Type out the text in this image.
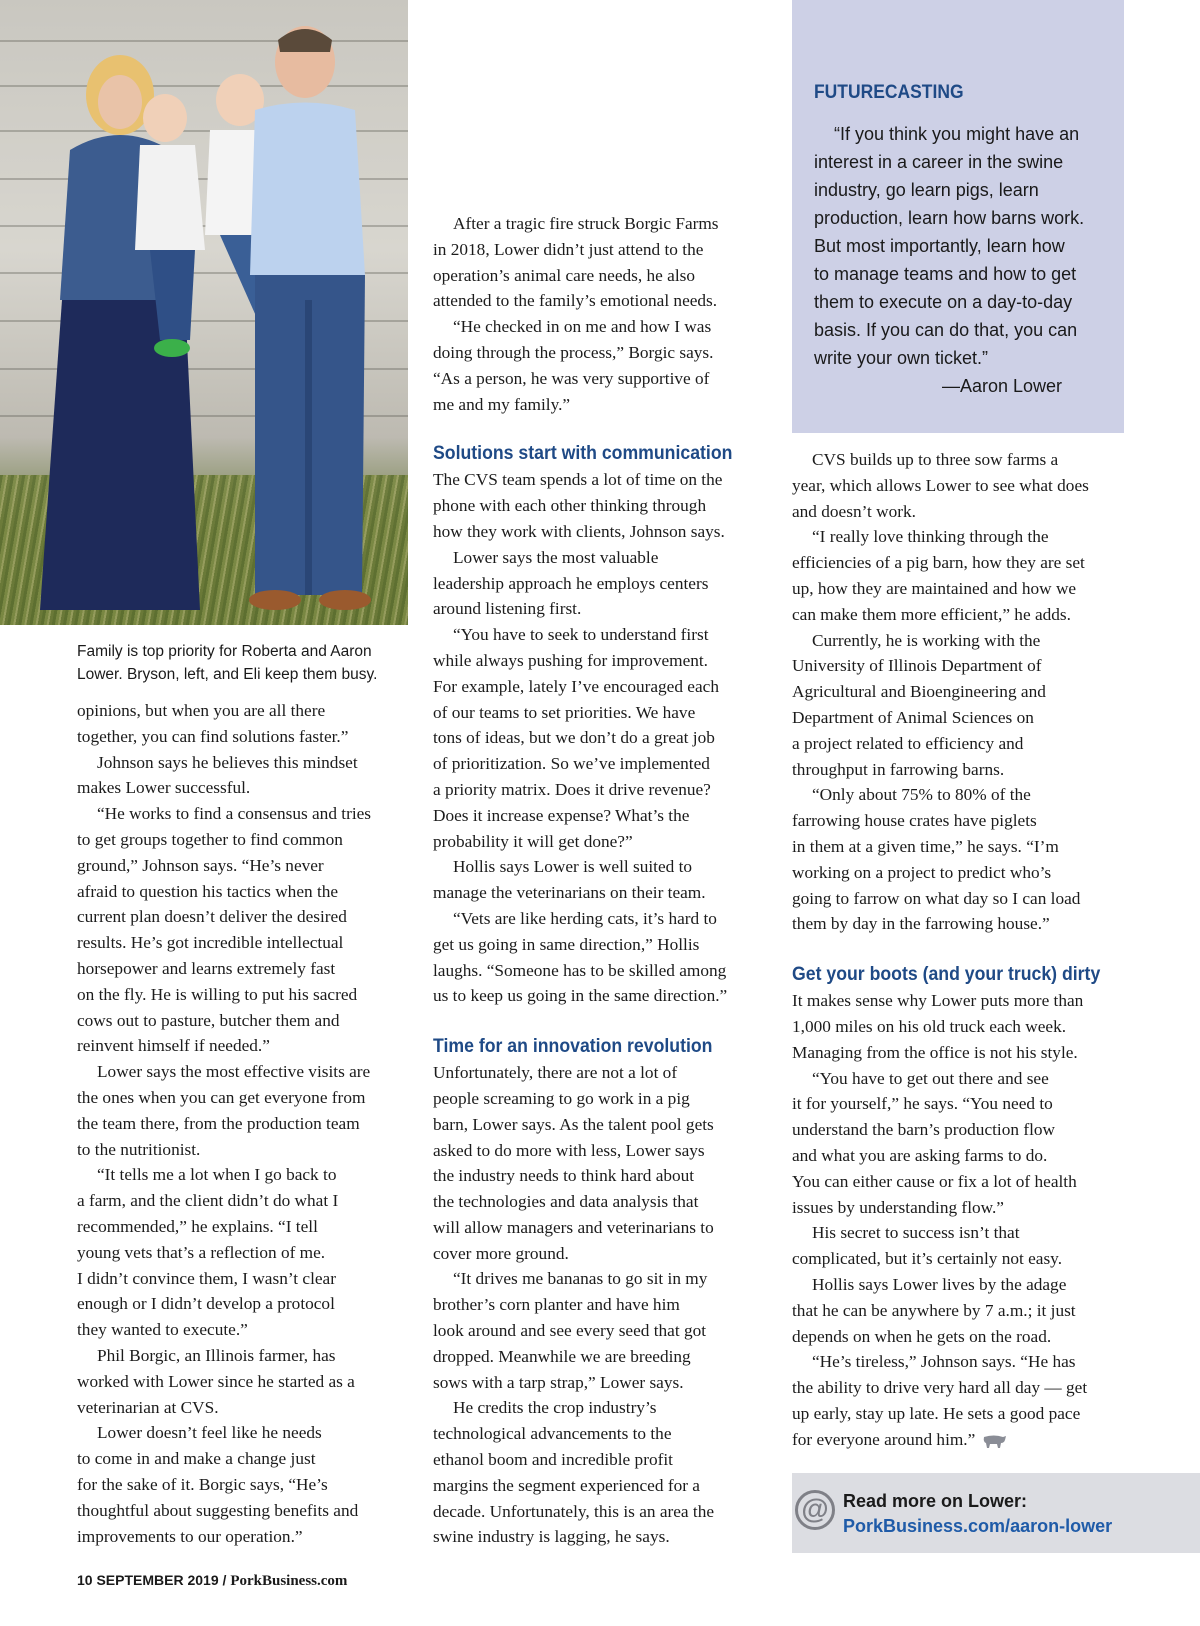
Family is top priority for Roberta and Aaron
Lower. Bryson, left, and Eli keep them busy.

opinions, but when you are all there
together, you can find solutions faster.”

Johnson says he believes this mindset
makes Lower successful.

“He works to find a consensus and tries
to get groups together to find common
ground,” Johnson says. “He’s never
afraid to question his tactics when the
current plan doesn’t deliver the desired
results. He’s got incredible intellectual
horsepower and learns extremely fast
on the fly. He is willing to put his sacred
cows out to pasture, butcher them and
reinvent himself if needed.”

Lower says the most effective visits are
the ones when you can get everyone from
the team there, from the production team
to the nutritionist.

“It tells me a lot when I go back to
a farm, and the client didn’t do what I
recommended,” he explains. “I tell
young vets that’s a reflection of me.
I didn’t convince them, I wasn’t clear
enough or I didn’t develop a protocol
they wanted to execute.”

Phil Borgic, an Illinois farmer, has
worked with Lower since he started as a
veterinarian at CVS.

Lower doesn’t feel like he needs
to come in and make a change just
for the sake of it. Borgic says, “He’s
thoughtful about suggesting benefits and
improvements to our operation.”

After a tragic fire struck Borgic Farms
in 2018, Lower didn’t just attend to the
operation’s animal care needs, he also
attended to the family’s emotional needs.

“He checked in on me and how I was
doing through the process,” Borgic says.
“As a person, he was very supportive of
me and my family.”

Solutions start with communication

The CVS team spends a lot of time on the
phone with each other thinking through
how they work with clients, Johnson says.

Lower says the most valuable
leadership approach he employs centers
around listening first.

“You have to seek to understand first
while always pushing for improvement.
For example, lately I’ve encouraged each
of our teams to set priorities. We have
tons of ideas, but we don’t do a great job
of prioritization. So we’ve implemented
a priority matrix. Does it drive revenue?
Does it increase expense? What’s the
probability it will get done?”

Hollis says Lower is well suited to
manage the veterinarians on their team.

“Vets are like herding cats, it’s hard to
get us going in same direction,” Hollis
laughs. “Someone has to be skilled among
us to keep us going in the same direction.”

Time for an innovation revolution

Unfortunately, there are not a lot of
people screaming to go work in a pig
barn, Lower says. As the talent pool gets
asked to do more with less, Lower says
the industry needs to think hard about
the technologies and data analysis that
will allow managers and veterinarians to
cover more ground.

“It drives me bananas to go sit in my
brother’s corn planter and have him
look around and see every seed that got
dropped. Meanwhile we are breeding
sows with a tarp strap,” Lower says.

He credits the crop industry’s
technological advancements to the
ethanol boom and incredible profit
margins the segment experienced for a
decade. Unfortunately, this is an area the
swine industry is lagging, he says.

FUTURECASTING

“If you think you might have an
interest in a career in the swine
industry, go learn pigs, learn
production, learn how barns work.
But most importantly, learn how
to manage teams and how to get
them to execute on a day-to-day
basis. If you can do that, you can
write your own ticket.”

—Aaron Lower

CVS builds up to three sow farms a
year, which allows Lower to see what does
and doesn’t work.

“I really love thinking through the
efficiencies of a pig barn, how they are set
up, how they are maintained and how we
can make them more efficient,” he adds.

Currently, he is working with the
University of Illinois Department of
Agricultural and Bioengineering and
Department of Animal Sciences on
a project related to efficiency and
throughput in farrowing barns.

“Only about 75% to 80% of the
farrowing house crates have piglets
in them at a given time,” he says. “I’m
working on a project to predict who’s
going to farrow on what day so I can load
them by day in the farrowing house.”

Get your boots (and your truck) dirty

It makes sense why Lower puts more than
1,000 miles on his old truck each week.
Managing from the office is not his style.

“You have to get out there and see
it for yourself,” he says. “You need to
understand the barn’s production flow
and what you are asking farms to do.
You can either cause or fix a lot of health
issues by understanding flow.”

His secret to success isn’t that
complicated, but it’s certainly not easy.

Hollis says Lower lives by the adage
that he can be anywhere by 7 a.m.; it just
depends on when he gets on the road.

“He’s tireless,” Johnson says. “He has
the ability to drive very hard all day — get
up early, stay up late. He sets a good pace
for everyone around him.”

@ Read more on Lower:
PorkBusiness.com/aaron-lower
10 SEPTEMBER 2019 / PorkBusiness.com
